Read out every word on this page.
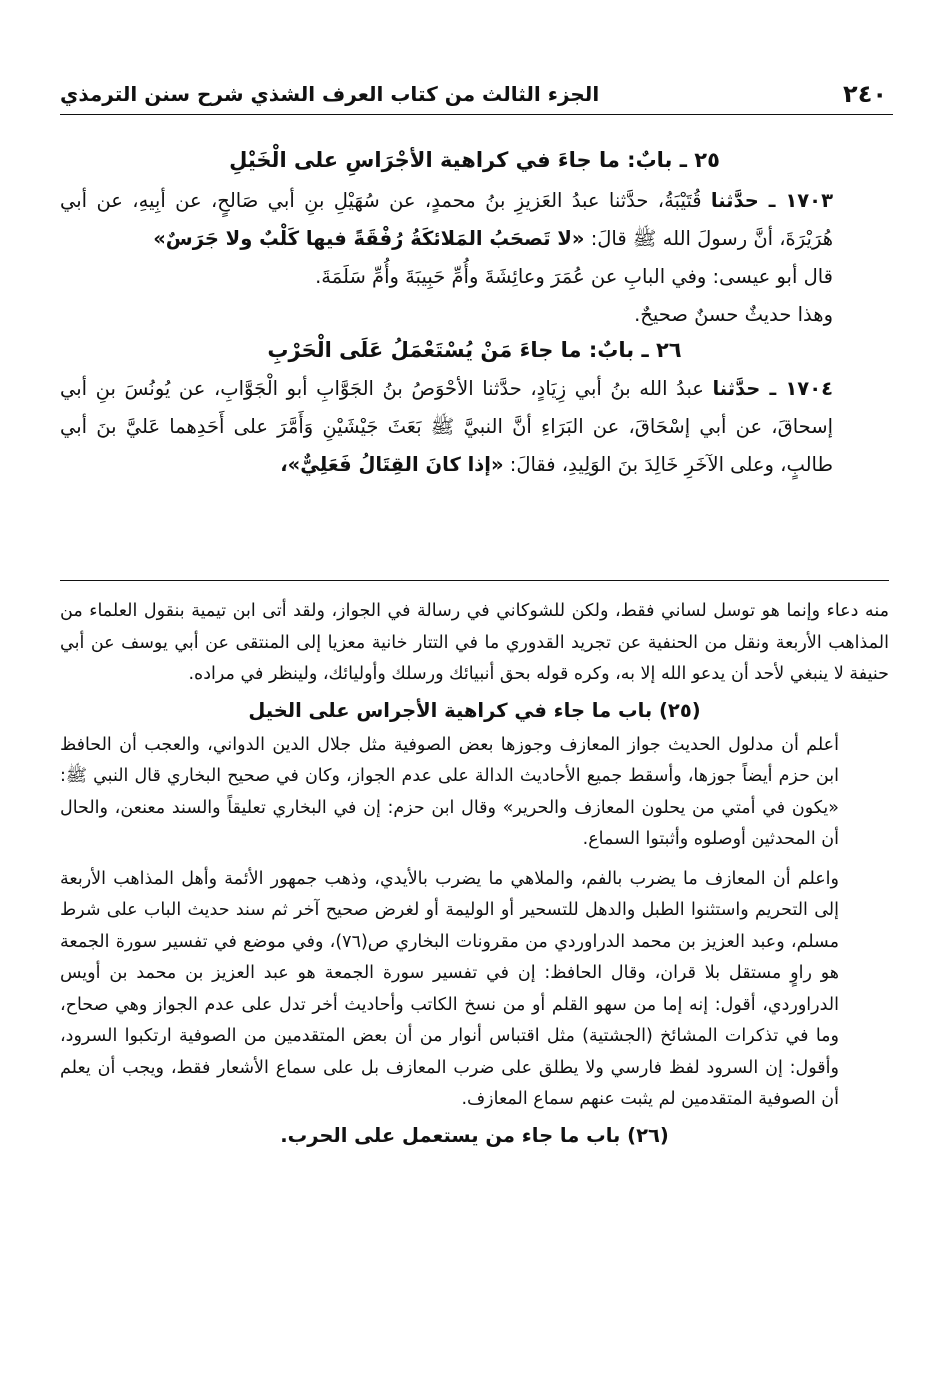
٢٤٠
الجزء الثالث من كتاب العرف الشذي شرح سنن الترمذي

٢٥ ـ بابٌ: ما جاءَ في كراهية الأجْرَاسِ على الْخَيْلِ

١٧٠٣ ـ حدَّثنا قُتَيْبَةُ، حدَّثنا عبدُ العَزيزِ بنُ محمدٍ، عن سُهَيْلِ بنِ أبي صَالحٍ، عن أبِيهِ، عن أبي هُرَيْرَةَ، أنَّ رسولَ الله ﷺ قالَ: «لا تَصحَبُ المَلائكَةُ رُفْقَةً فيها كَلْبٌ ولا جَرَسٌ»

قال أبو عيسى: وفي البابِ عن عُمَرَ وعائِشَةَ وأُمِّ حَبِيبَةَ وأُمِّ سَلَمَةَ.

وهذا حديثٌ حسنٌ صحيحٌ.

٢٦ ـ بابٌ: ما جاءَ مَنْ يُسْتَعْمَلُ عَلَى الْحَرْبِ

١٧٠٤ ـ حدَّثنا عبدُ الله بنُ أبي زِيَادٍ، حدَّثنا الأحْوَصُ بنُ الجَوَّابِ أبو الْجَوَّابِ، عن يُونُسَ بنِ أبي إسحاقَ، عن أبي إسْحَاقَ، عن البَرَاءِ أنَّ النبيَّ ﷺ بَعَثَ جَيْشَيْنِ وَأَمَّرَ على أَحَدِهما عَليَّ بنَ أبي طالبٍ، وعلى الآخَرِ خَالِدَ بنَ الوَلِيدِ، فقالَ: «إذا كانَ القِتَالُ فَعَلِيٌّ»،

منه دعاء وإنما هو توسل لساني فقط، ولكن للشوكاني في رسالة في الجواز، ولقد أتى ابن تيمية بنقول العلماء من المذاهب الأربعة ونقل من الحنفية عن تجريد القدوري ما في التتار خانية معزيا إلى المنتقى عن أبي يوسف عن أبي حنيفة لا ينبغي لأحد أن يدعو الله إلا به، وكره قوله بحق أنبيائك ورسلك وأوليائك، ولينظر في مراده.

(٢٥) باب ما جاء في كراهية الأجراس على الخيل

أعلم أن مدلول الحديث جواز المعازف وجوزها بعض الصوفية مثل جلال الدين الدواني، والعجب أن الحافظ ابن حزم أيضاً جوزها، وأسقط جميع الأحاديث الدالة على عدم الجواز، وكان في صحيح البخاري قال النبي ﷺ: «يكون في أمتي من يحلون المعازف والحرير» وقال ابن حزم: إن في البخاري تعليقاً والسند معنعن، والحال أن المحدثين أوصلوه وأثبتوا السماع.

واعلم أن المعازف ما يضرب بالفم، والملاهي ما يضرب بالأيدي، وذهب جمهور الأئمة وأهل المذاهب الأربعة إلى التحريم واستثنوا الطبل والدهل للتسحير أو الوليمة أو لغرض صحيح آخر ثم سند حديث الباب على شرط مسلم، وعبد العزيز بن محمد الدراوردي من مقرونات البخاري ص(٧٦)، وفي موضع في تفسير سورة الجمعة هو راوٍ مستقل بلا قران، وقال الحافظ: إن في تفسير سورة الجمعة هو عبد العزيز بن محمد بن أويس الدراوردي، أقول: إنه إما من سهو القلم أو من نسخ الكاتب وأحاديث أخر تدل على عدم الجواز وهي صحاح، وما في تذكرات المشائخ (الجشتية) مثل اقتباس أنوار من أن بعض المتقدمين من الصوفية ارتكبوا السرود، وأقول: إن السرود لفظ فارسي ولا يطلق على ضرب المعازف بل على سماع الأشعار فقط، ويجب أن يعلم أن الصوفية المتقدمين لم يثبت عنهم سماع المعازف.

(٢٦) باب ما جاء من يستعمل على الحرب.
